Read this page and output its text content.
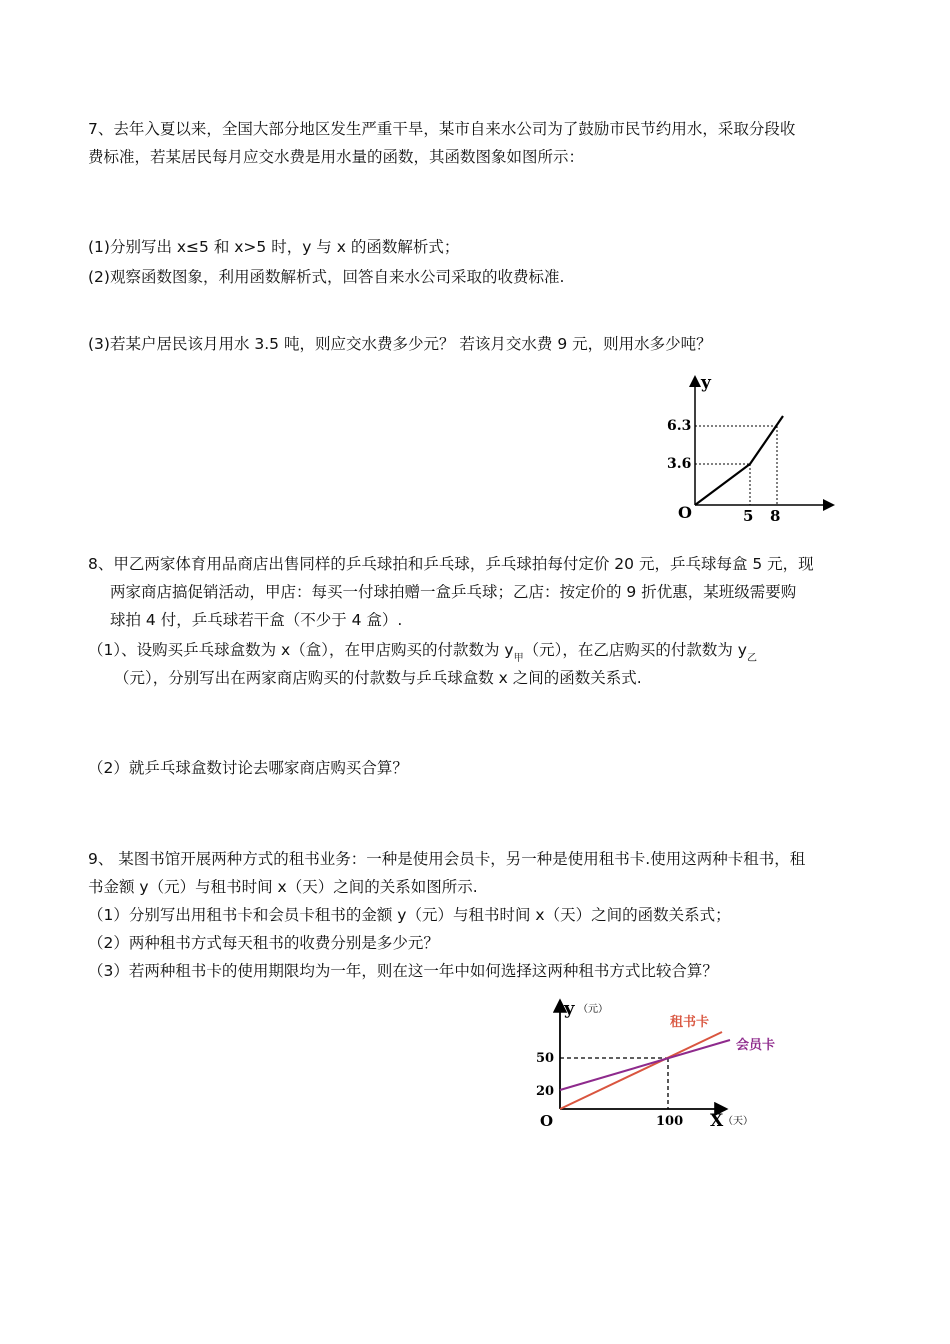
7、去年入夏以来，全国大部分地区发生严重干旱，某市自来水公司为了鼓励市民节约用水，采取分段收
费标准，若某居民每月应交水费是用水量的函数，其函数图象如图所示：
(1)分别写出 x≤5 和 x>5 时，y 与 x 的函数解析式；
(2)观察函数图象，利用函数解析式，回答自来水公司采取的收费标准.
(3)若某户居民该月用水 3.5 吨，则应交水费多少元？ 若该月交水费 9 元，则用水多少吨？
y
O
6.3
3.6
5 8
8、甲乙两家体育用品商店出售同样的乒乓球拍和乒乓球，乒乓球拍每付定价 20 元，乒乓球每盒 5 元，现
两家商店搞促销活动，甲店：每买一付球拍赠一盒乒乓球；乙店：按定价的 9 折优惠，某班级需要购
球拍 4 付，乒乓球若干盒（不少于 4 盒）.
（1）、设购买乒乓球盒数为 x（盒），在甲店购买的付款数为 $y_甲$（元），在乙店购买的付款数为 $y_乙$
（元），分别写出在两家商店购买的付款数与乒乓球盒数 x 之间的函数关系式.
（2）就乒乓球盒数讨论去哪家商店购买合算？
9、 某图书馆开展两种方式的租书业务：一种是使用会员卡，另一种是使用租书卡.使用这两种卡租书，租
书金额 y（元）与租书时间 x（天）之间的关系如图所示.
（1）分别写出用租书卡和会员卡租书的金额 y（元）与租书时间 x（天）之间的函数关系式；
（2）两种租书方式每天租书的收费分别是多少元？
（3）若两种租书卡的使用期限均为一年，则在这一年中如何选择这两种租书方式比较合算？
y （元）
O
50
20
100 X （天）
租书卡
会员卡
